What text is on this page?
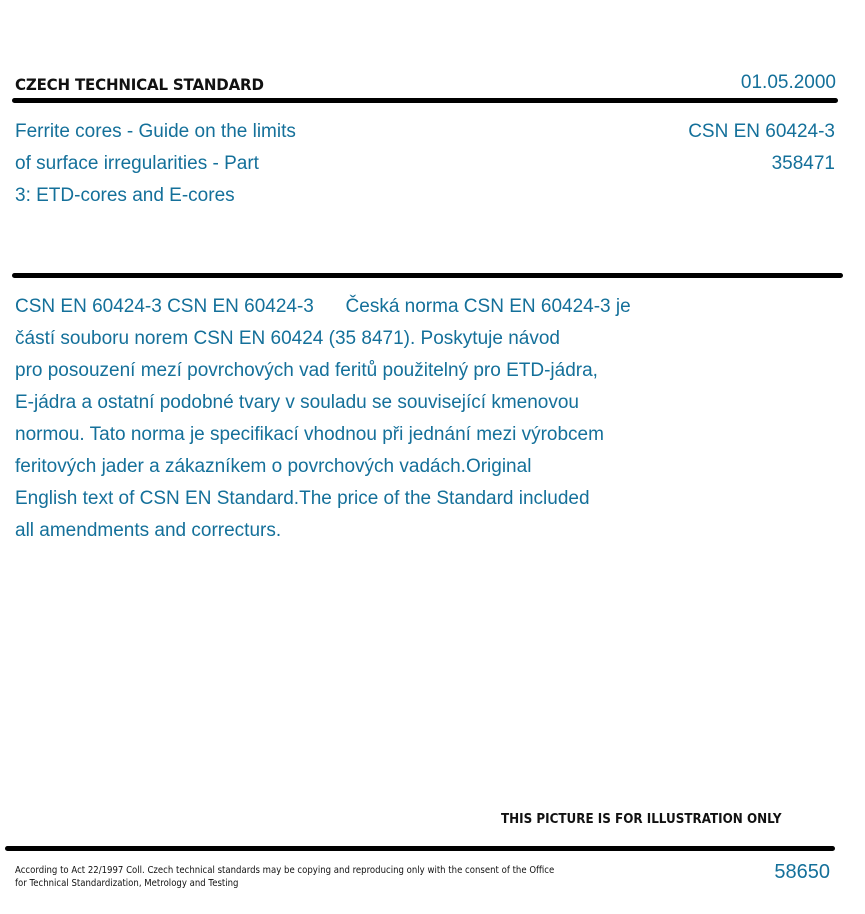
CZECH TECHNICAL STANDARD	01.05.2000
Ferrite cores - Guide on the limits
of surface irregularities - Part
3: ETD-cores and E-cores
CSN EN 60424-3
358471
CSN EN 60424-3 CSN EN 60424-3      Česká norma CSN EN 60424-3 je
částí souboru norem CSN EN 60424 (35 8471). Poskytuje návod
pro posouzení mezí povrchových vad feritů použitelný pro ETD-jádra,
E-jádra a ostatní podobné tvary v souladu se související kmenovou
normou. Tato norma je specifikací vhodnou při jednání mezi výrobcem
feritových jader a zákazníkem o povrchových vadách.Original
English text of CSN EN Standard.The price of the Standard included
all amendments and correcturs.
THIS PICTURE IS FOR ILLUSTRATION ONLY
According to Act 22/1997 Coll. Czech technical standards may be copying and reproducing only with the consent of the Office
for Technical Standardization, Metrology and Testing
58650
